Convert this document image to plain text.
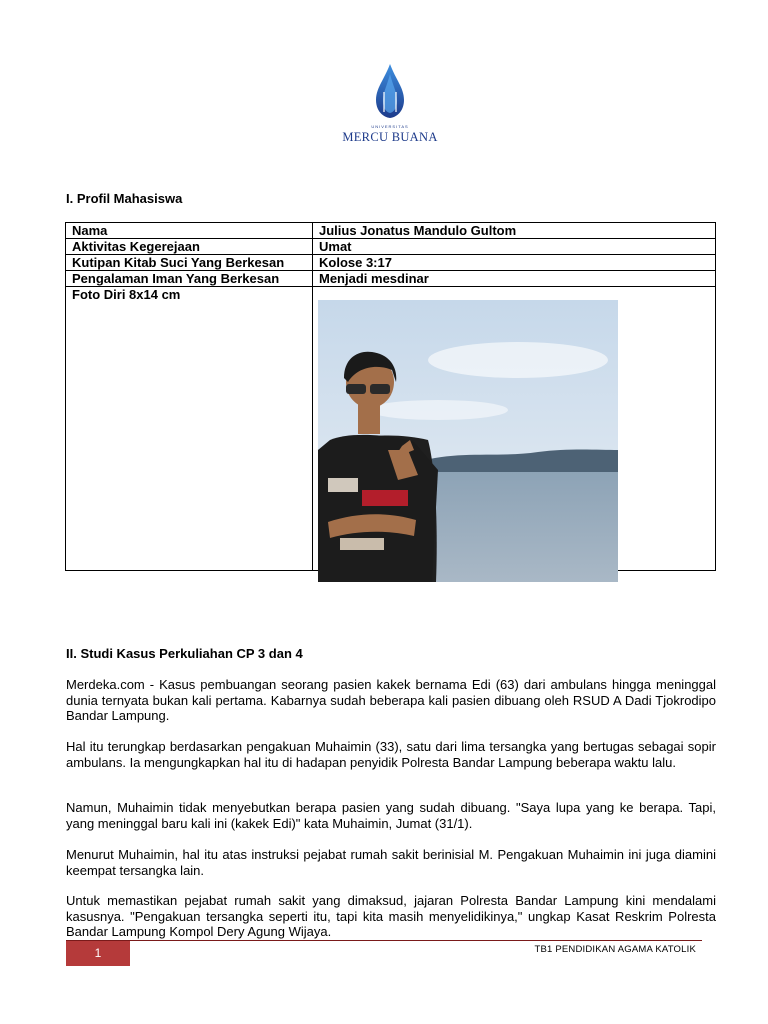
UNIVERSITAS
MERCU BUANA
I. Profil Mahasiswa
Nama	Julius Jonatus Mandulo Gultom
Aktivitas Kegerejaan	Umat
Kutipan Kitab Suci Yang Berkesan	Kolose 3:17
Pengalaman Iman Yang Berkesan	Menjadi mesdinar
Foto Diri 8x14 cm	
II. Studi Kasus Perkuliahan CP 3 dan 4

Merdeka.com - Kasus pembuangan seorang pasien kakek bernama Edi (63) dari ambulans hingga meninggal dunia ternyata bukan kali pertama. Kabarnya sudah beberapa kali pasien dibuang oleh RSUD A Dadi Tjokrodipo Bandar Lampung.

Hal itu terungkap berdasarkan pengakuan Muhaimin (33), satu dari lima tersangka yang bertugas sebagai sopir ambulans. Ia mengungkapkan hal itu di hadapan penyidik Polresta Bandar Lampung beberapa waktu lalu.

Namun, Muhaimin tidak menyebutkan berapa pasien yang sudah dibuang. "Saya lupa yang ke berapa. Tapi, yang meninggal baru kali ini (kakek Edi)" kata Muhaimin, Jumat (31/1).

Menurut Muhaimin, hal itu atas instruksi pejabat rumah sakit berinisial M. Pengakuan Muhaimin ini juga diamini keempat tersangka lain.

Untuk memastikan pejabat rumah sakit yang dimaksud, jajaran Polresta Bandar Lampung kini mendalami kasusnya. "Pengakuan tersangka seperti itu, tapi kita masih menyelidikinya," ungkap Kasat Reskrim Polresta Bandar Lampung Kompol Dery Agung Wijaya.

1	TB1 PENDIDIKAN AGAMA KATOLIK
